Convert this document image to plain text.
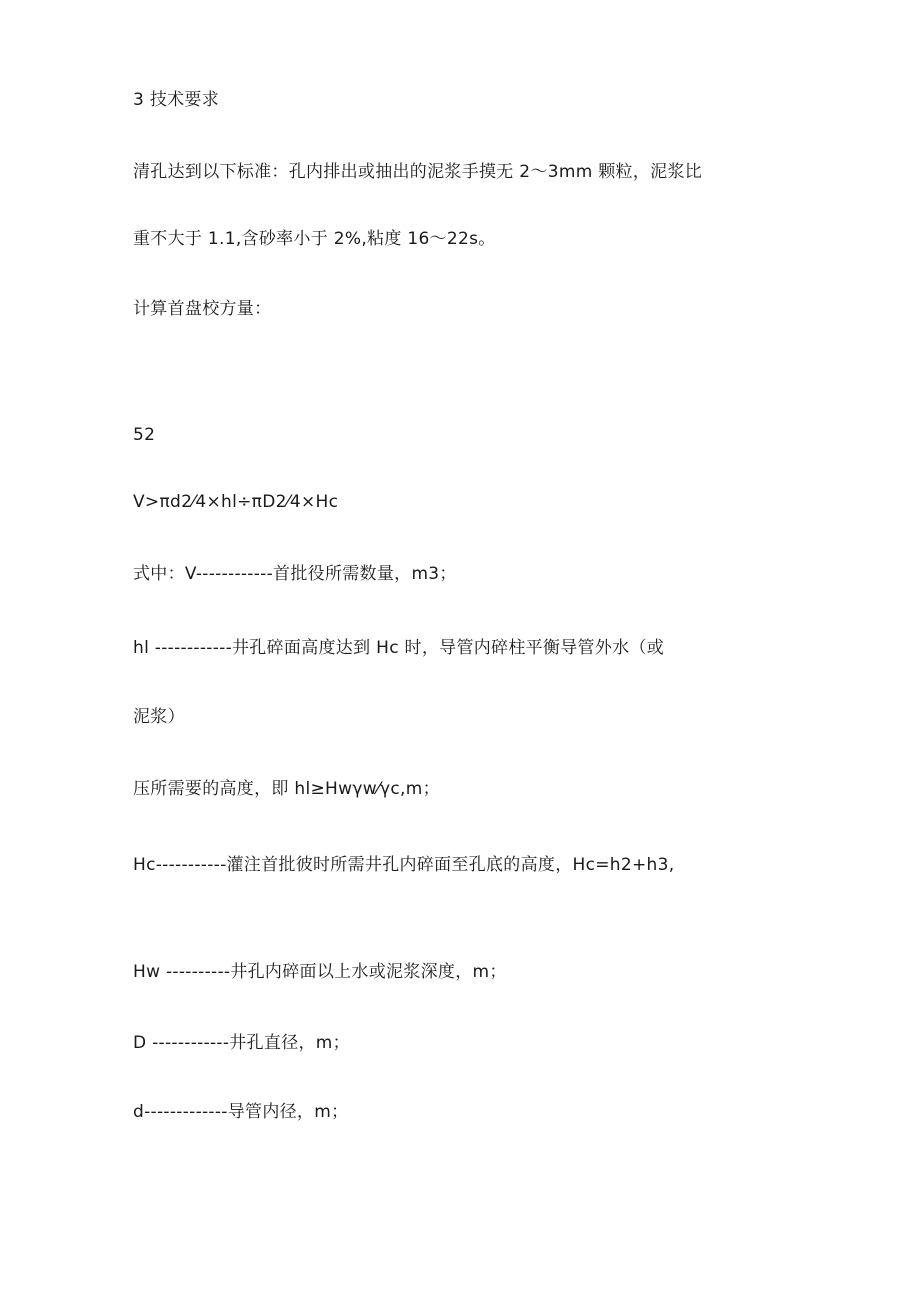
3 技术要求

清孔达到以下标准：孔内排出或抽出的泥浆手摸无 2～3mm 颗粒，泥浆比

重不大于 1.1,含砂率小于 2%,粘度 16～22s。

计算首盘校方量：

52

V>πd2⁄4×hl÷πD2⁄4×Hc

式中：V------------首批役所需数量，m3；

hl ------------井孔碎面高度达到 Hc 时，导管内碎柱平衡导管外水（或

泥浆）

压所需要的高度，即 hl≥Hwγw⁄γc,m；

Hc-----------灌注首批彼时所需井孔内碎面至孔底的高度，Hc=h2+h3,

Hw ----------井孔内碎面以上水或泥浆深度，m；

D ------------井孔直径，m；

d-------------导管内径，m；
